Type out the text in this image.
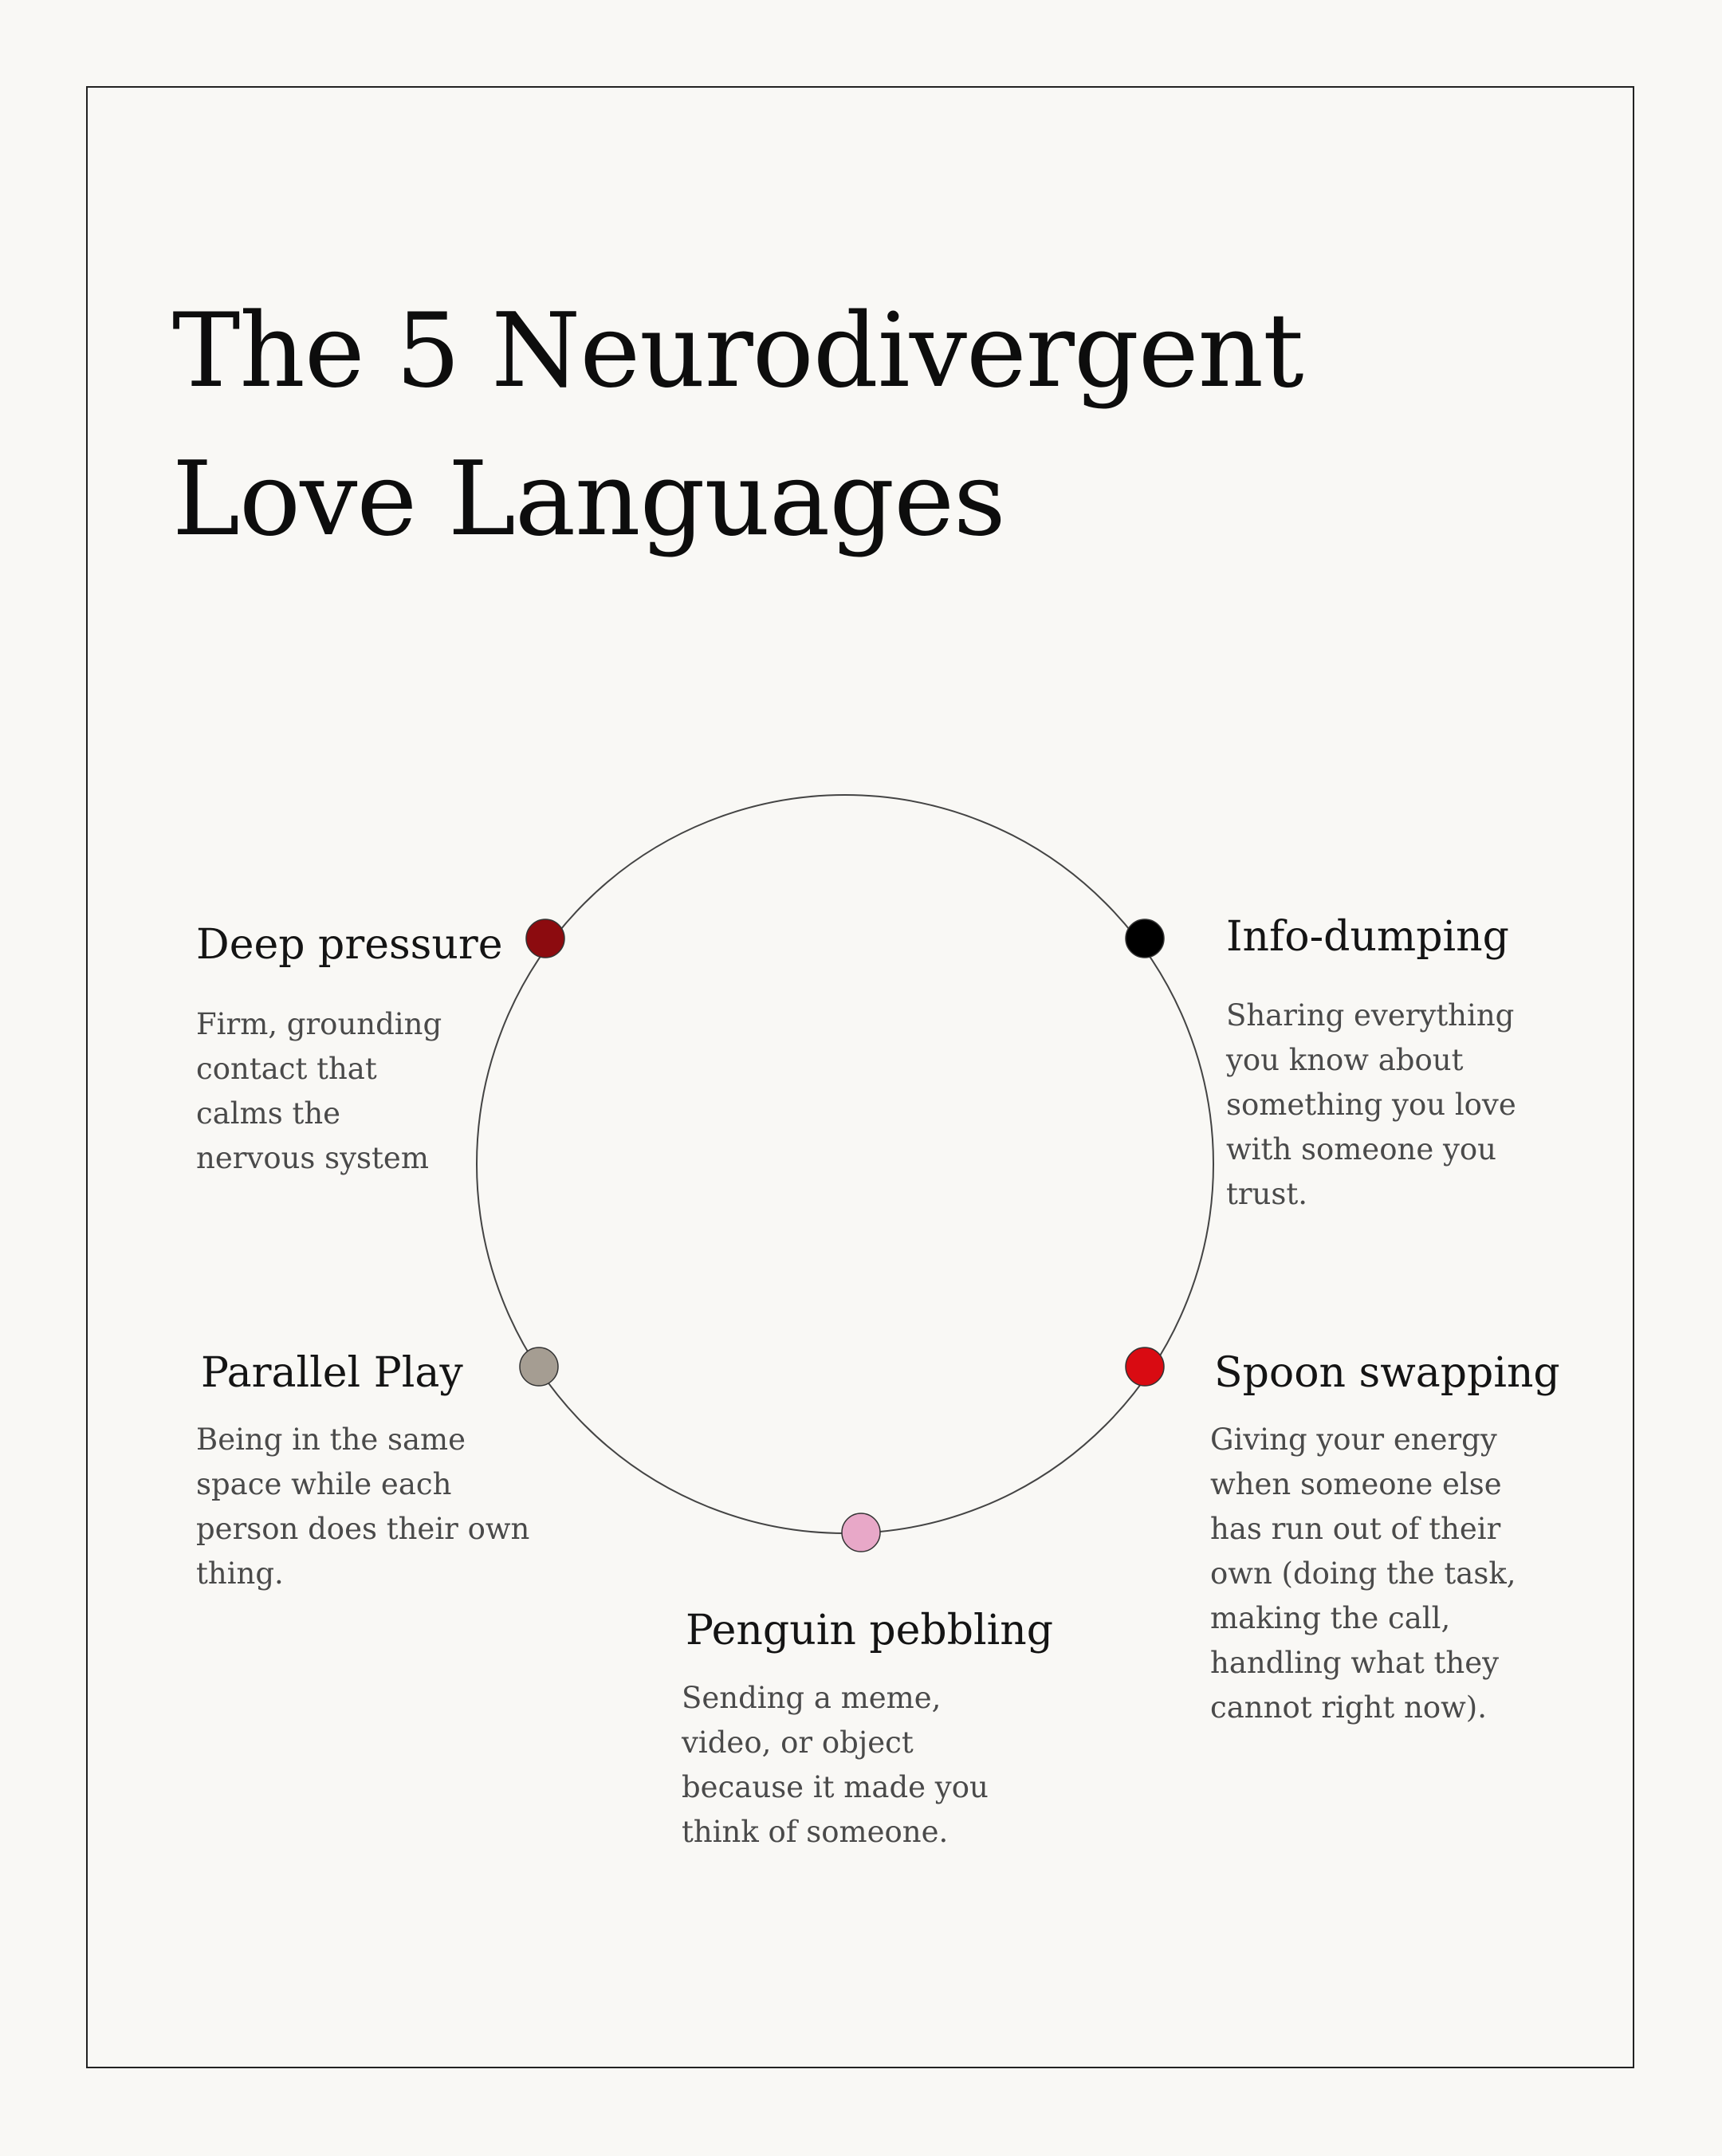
The 5 Neurodivergent Love Languages
Info-dumping

Sharing everything you know about something you love with someone you trust.

Spoon swapping

Giving your energy when someone else has run out of their own (doing the task, making the call, handling what they cannot right now).

Penguin pebbling

Sending a meme, video, or object because it made you think of someone.

Parallel Play

Being in the same space while each person does their own thing.

Deep pressure

Firm, grounding contact that calms the nervous system
